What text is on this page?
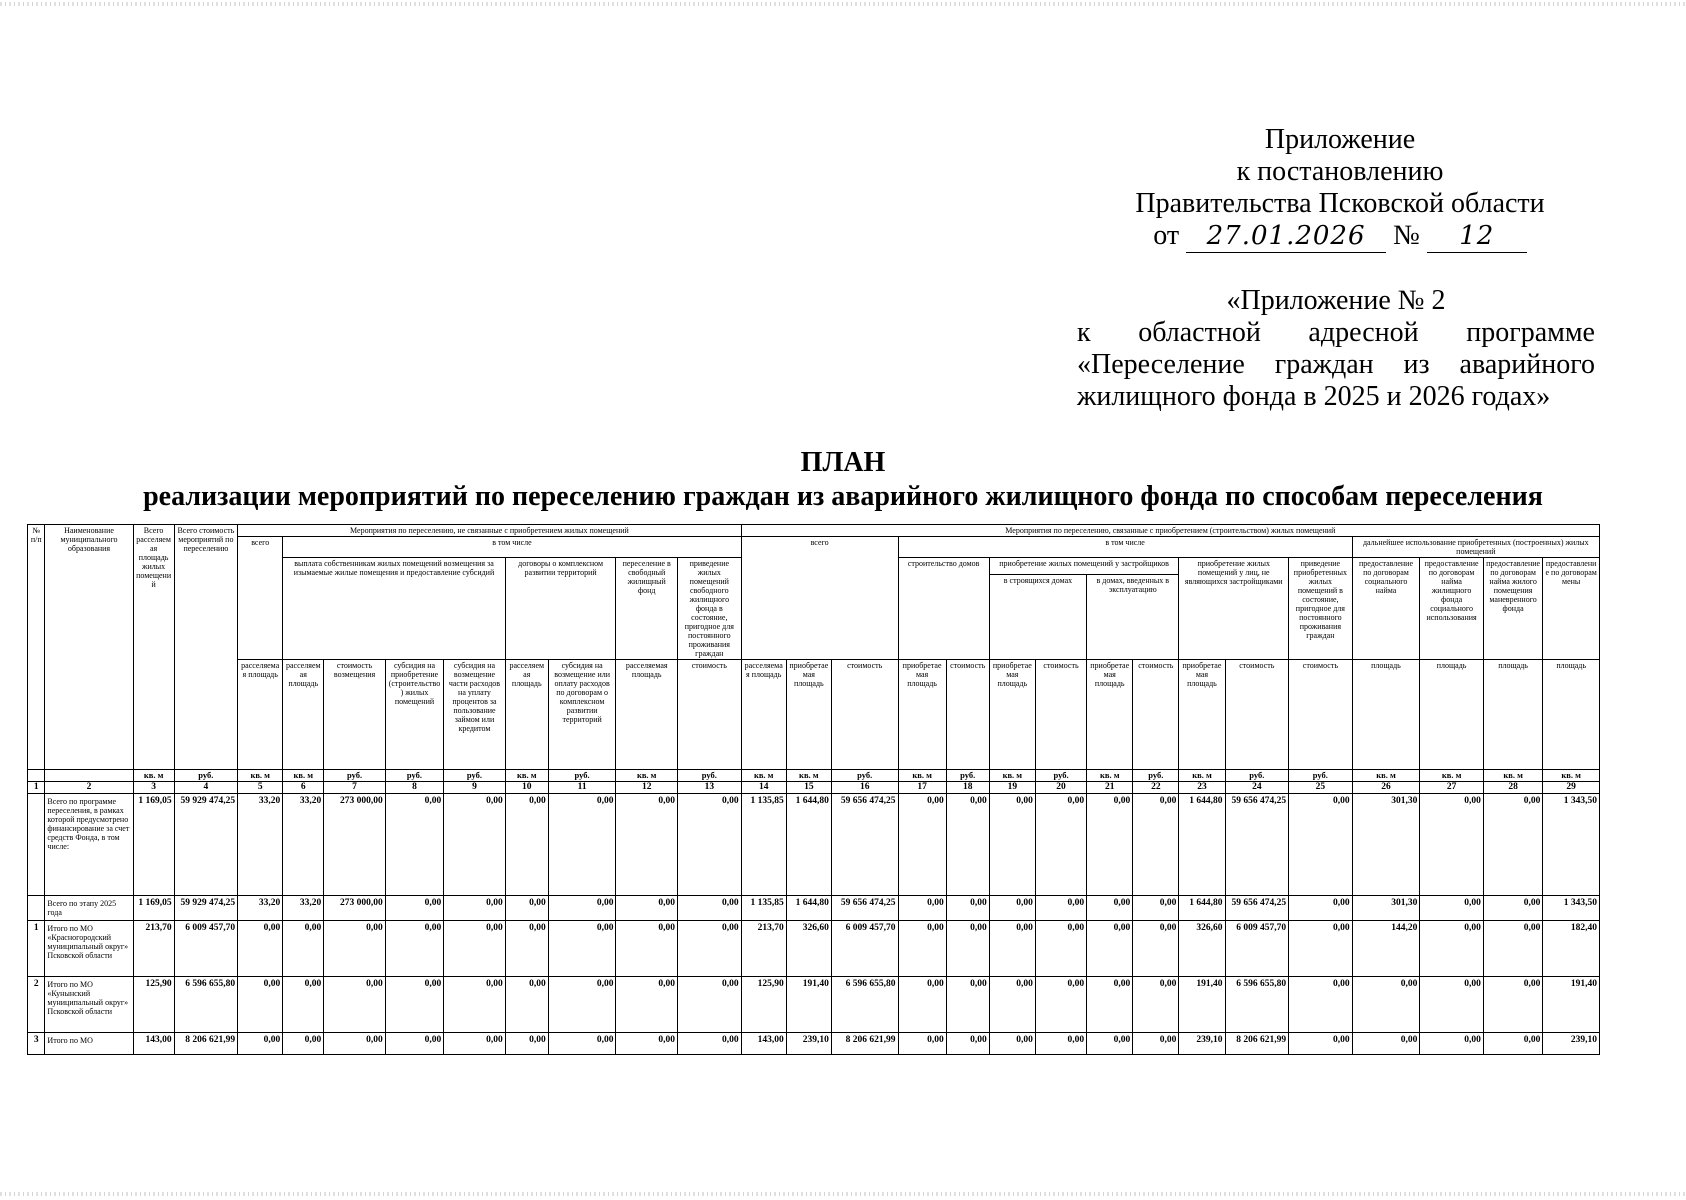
Приложение
к постановлению
Правительства Псковской области
от 27.01.2026 № 12
«Приложение № 2
к областной адресной программе
«Переселение граждан из аварийного
жилищного фонда в 2025 и 2026 годах»
ПЛАН
реализации мероприятий по переселению граждан из аварийного жилищного фонда по способам переселения
№ п/п	Наименование муниципального образования	Всего расселяемая площадь жилых помещений	Всего стоимость мероприятий по переселению	Мероприятия по переселению, не связанные с приобретением жилых помещений									Мероприятия по переселению, связанные с приобретением (строительством) жилых помещений															
				всего	в том числе								всего			в том числе									дальнейшее использование приобретенных (построенных) жилых помещений			
					выплата собственникам жилых помещений возмещения за изымаемые жилые помещения и предоставление субсидий				договоры о комплексном развитии территорий		переселение в свободный жилищный фонд	приведение жилых помещений свободного жилищного фонда в состояние, пригодное для постоянного проживания граждан				строительство домов		приобретение жилых помещений у застройщиков				приобретение жилых помещений у лиц, не являющихся застройщиками		приведение приобретенных жилых помещений в состояние, пригодное для постоянного проживания граждан	предоставление по договорам социального найма	предоставление по договорам найма жилищного фонда социального использования	предоставление по договорам найма жилого помещения маневренного фонда	предоставление по договорам мены
																		в строящихся домах		в домах, введенных в эксплуатацию								
				расселяемая площадь	расселяемая площадь	стоимость возмещения	субсидия на приобретение (строительство) жилых помещений	субсидия на возмещение части расходов на уплату процентов за пользование займом или кредитом	расселяемая площадь	субсидия на возмещение или оплату расходов по договорам о комплексном развитии территорий	расселяемая площадь	стоимость	расселяемая площадь	приобретаемая площадь	стоимость	приобретаемая площадь	стоимость	приобретаемая площадь	стоимость	приобретаемая площадь	стоимость	приобретаемая площадь	стоимость	стоимость	площадь	площадь	площадь	площадь
		кв. м	руб.	кв. м	кв. м	руб.	руб.	руб.	кв. м	руб.	кв. м	руб.	кв. м	кв. м	руб.	кв. м	руб.	кв. м	руб.	кв. м	руб.	кв. м	руб.	руб.	кв. м	кв. м	кв. м	кв. м
1	2	3	4	5	6	7	8	9	10	11	12	13	14	15	16	17	18	19	20	21	22	23	24	25	26	27	28	29
	Всего по программе переселения, в рамках которой предусмотрено финансирование за счет средств Фонда, в том числе:	1 169,05	59 929 474,25	33,20	33,20	273 000,00	0,00	0,00	0,00	0,00	0,00	0,00	1 135,85	1 644,80	59 656 474,25	0,00	0,00	0,00	0,00	0,00	0,00	1 644,80	59 656 474,25	0,00	301,30	0,00	0,00	1 343,50
	Всего по этапу 2025 года	1 169,05	59 929 474,25	33,20	33,20	273 000,00	0,00	0,00	0,00	0,00	0,00	0,00	1 135,85	1 644,80	59 656 474,25	0,00	0,00	0,00	0,00	0,00	0,00	1 644,80	59 656 474,25	0,00	301,30	0,00	0,00	1 343,50
1	Итого по МО «Красногородский муниципальный округ» Псковской области	213,70	6 009 457,70	0,00	0,00	0,00	0,00	0,00	0,00	0,00	0,00	0,00	213,70	326,60	6 009 457,70	0,00	0,00	0,00	0,00	0,00	0,00	326,60	6 009 457,70	0,00	144,20	0,00	0,00	182,40
2	Итого по МО «Кунынский муниципальный округ» Псковской области	125,90	6 596 655,80	0,00	0,00	0,00	0,00	0,00	0,00	0,00	0,00	0,00	125,90	191,40	6 596 655,80	0,00	0,00	0,00	0,00	0,00	0,00	191,40	6 596 655,80	0,00	0,00	0,00	0,00	191,40
3	Итого по МО	143,00	8 206 621,99	0,00	0,00	0,00	0,00	0,00	0,00	0,00	0,00	0,00	143,00	239,10	8 206 621,99	0,00	0,00	0,00	0,00	0,00	0,00	239,10	8 206 621,99	0,00	0,00	0,00	0,00	239,10
